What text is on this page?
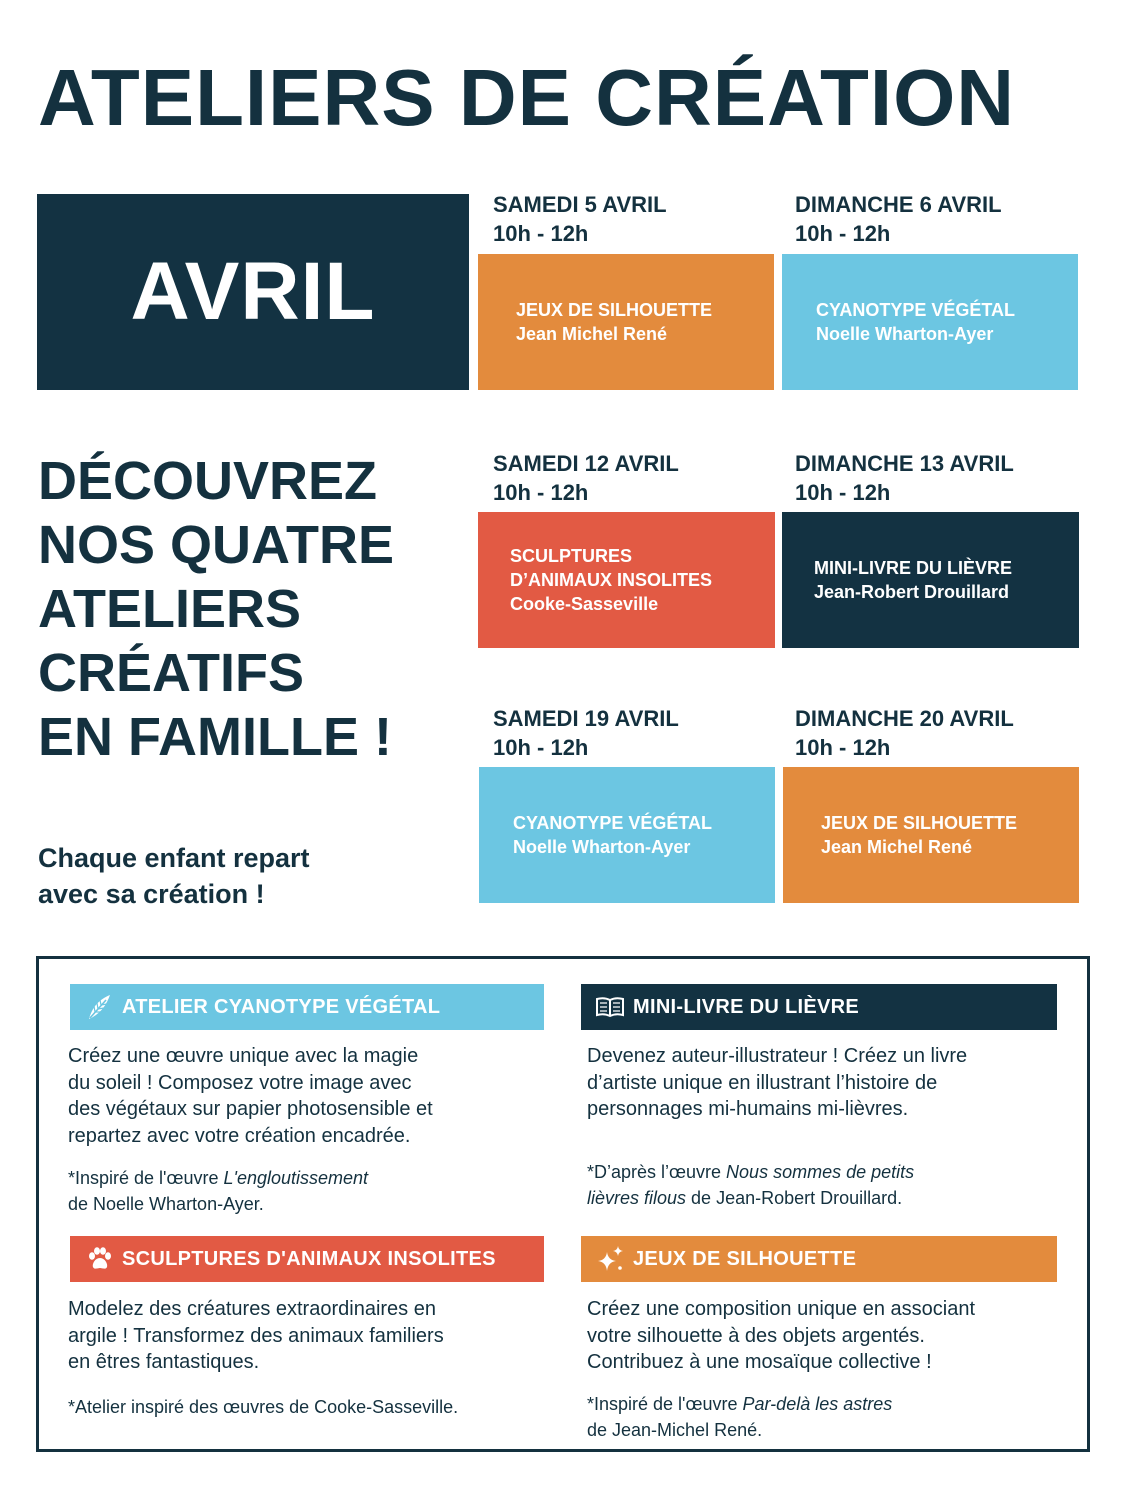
ATELIERS DE CRÉATION
AVRIL
SAMEDI 5 AVRIL
10h - 12h
JEUX DE SILHOUETTE
Jean Michel René
DIMANCHE 6 AVRIL
10h - 12h
CYANOTYPE VÉGÉTAL
Noelle Wharton-Ayer
SAMEDI 12 AVRIL
10h - 12h
SCULPTURES
D’ANIMAUX INSOLITES
Cooke-Sasseville
DIMANCHE 13 AVRIL
10h - 12h
MINI-LIVRE DU LIÈVRE
Jean-Robert Drouillard
SAMEDI 19 AVRIL
10h - 12h
CYANOTYPE VÉGÉTAL
Noelle Wharton-Ayer
DIMANCHE 20 AVRIL
10h - 12h
JEUX DE SILHOUETTE
Jean Michel René
DÉCOUVREZ
NOS QUATRE
ATELIERS
CRÉATIFS
EN FAMILLE !
Chaque enfant repart
avec sa création !
ATELIER CYANOTYPE VÉGÉTAL
Créez une œuvre unique avec la magie
du soleil ! Composez votre image avec
des végétaux sur papier photosensible et
repartez avec votre création encadrée.
*Inspiré de l'œuvre L'engloutissement
de Noelle Wharton-Ayer.
MINI-LIVRE DU LIÈVRE
Devenez auteur-illustrateur ! Créez un livre
d’artiste unique en illustrant l’histoire de
personnages mi-humains mi-lièvres.
*D’après l’œuvre Nous sommes de petits
lièvres filous de Jean-Robert Drouillard.
SCULPTURES D'ANIMAUX INSOLITES
Modelez des créatures extraordinaires en
argile ! Transformez des animaux familiers
en êtres fantastiques.
*Atelier inspiré des œuvres de Cooke-Sasseville.
JEUX DE SILHOUETTE
Créez une composition unique en associant
votre silhouette à des objets argentés.
Contribuez à une mosaïque collective !
*Inspiré de l'œuvre Par-delà les astres
de Jean-Michel René.
